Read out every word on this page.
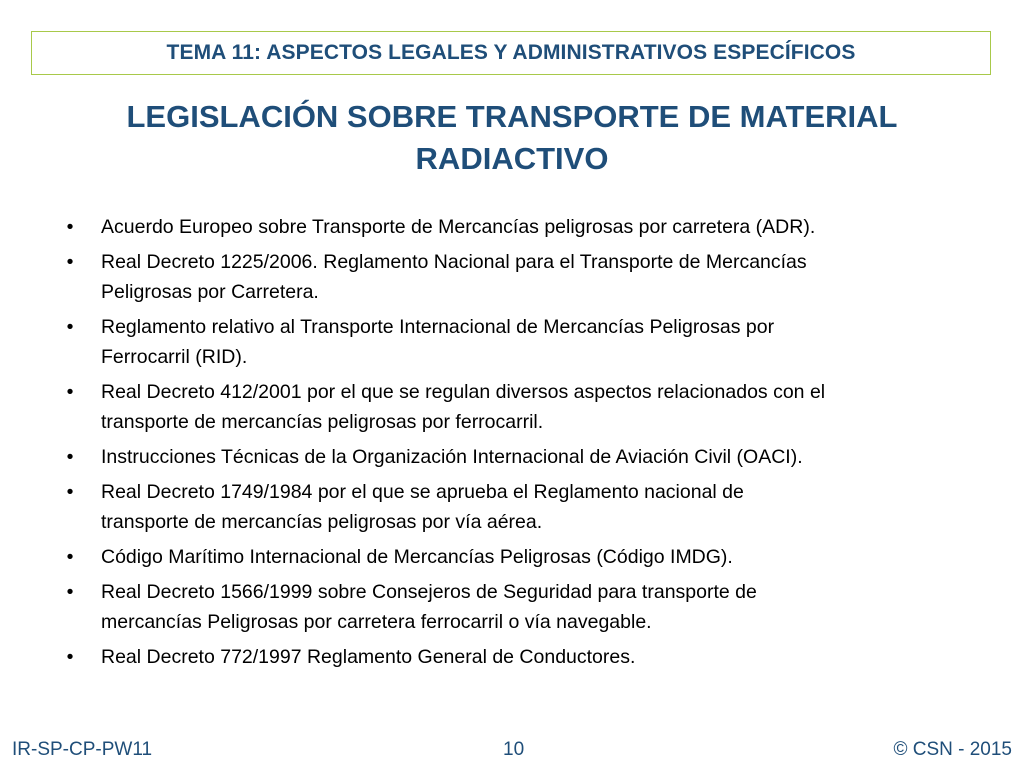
TEMA 11: ASPECTOS LEGALES Y ADMINISTRATIVOS ESPECÍFICOS
LEGISLACIÓN SOBRE TRANSPORTE DE MATERIAL
RADIACTIVO
•	Acuerdo Europeo sobre Transporte de Mercancías peligrosas por carretera (ADR).
•	Real Decreto 1225/2006. Reglamento Nacional para el Transporte de Mercancías
Peligrosas por Carretera.
•	Reglamento relativo al Transporte Internacional de Mercancías Peligrosas por
Ferrocarril (RID).
•	Real Decreto 412/2001 por el que se regulan diversos aspectos relacionados con el
transporte de mercancías peligrosas por ferrocarril.
•	Instrucciones Técnicas de la Organización Internacional de Aviación Civil (OACI).
•	Real Decreto 1749/1984 por el que se aprueba el Reglamento nacional de
transporte de mercancías peligrosas por vía aérea.
•	Código Marítimo Internacional de Mercancías Peligrosas (Código IMDG).
•	Real Decreto 1566/1999 sobre Consejeros de Seguridad para transporte de
mercancías Peligrosas por carretera ferrocarril o vía navegable.
•	Real Decreto 772/1997 Reglamento General de Conductores.
IR-SP-CP-PW11	10	© CSN - 2015
